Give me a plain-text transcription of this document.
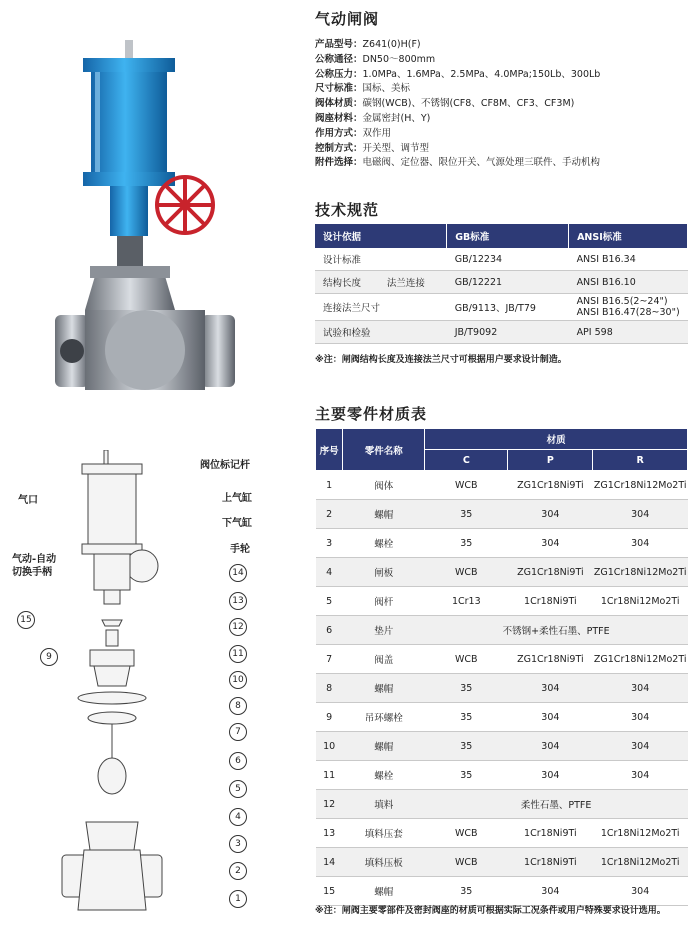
阀位标记杆
气口	上气缸
下气缸
手轮
气动-自动
切换手柄	14
15
13
12
9	11
10
8
7
6
5
4
3
2
1
气动闸阀
产品型号：Z641(0)H(F)
公称通径：DN50～800mm
公称压力：1.0MPa、1.6MPa、2.5MPa、4.0MPa;150Lb、300Lb
尺寸标准：国标、美标
阀体材质：碳钢(WCB)、不锈钢(CF8、CF8M、CF3、CF3M)
阀座材料：金属密封(H、Y)
作用方式：双作用
控制方式：开关型、调节型
附件选择：电磁阀、定位器、限位开关、气源处理三联件、手动机构
技术规范
设计依据		GB标准	ANSI标准
设计标准		GB/12234	ANSI B16.34
结构长度	法兰连接	GB/12221	ANSI B16.10
连接法兰尺寸		GB/9113、JB/T79	ANSI B16.5(2~24")
ANSI B16.47(28~30")

试验和检验		JB/T9092	API 598
※注：闸阀结构长度及连接法兰尺寸可根据用户要求设计制造。
主要零件材质表
序号	零件名称	材质		
		C	P	R
1	阀体	WCB	ZG1Cr18Ni9Ti	ZG1Cr18Ni12Mo2Ti
2	螺帽	35	304	304
3	螺栓	35	304	304
4	闸板	WCB	ZG1Cr18Ni9Ti	ZG1Cr18Ni12Mo2Ti
5	阀杆	1Cr13	1Cr18Ni9Ti	1Cr18Ni12Mo2Ti
6	垫片	不锈钢+柔性石墨、PTFE		
7	阀盖	WCB	ZG1Cr18Ni9Ti	ZG1Cr18Ni12Mo2Ti
8	螺帽	35	304	304
9	吊环螺栓	35	304	304
10	螺帽	35	304	304
11	螺栓	35	304	304
12	填料	柔性石墨、PTFE		
13	填料压套	WCB	1Cr18Ni9Ti	1Cr18Ni12Mo2Ti
14	填料压板	WCB	1Cr18Ni9Ti	1Cr18Ni12Mo2Ti
15	螺帽	35	304	304
※注：闸阀主要零部件及密封阀座的材质可根据实际工况条件或用户特殊要求设计选用。
